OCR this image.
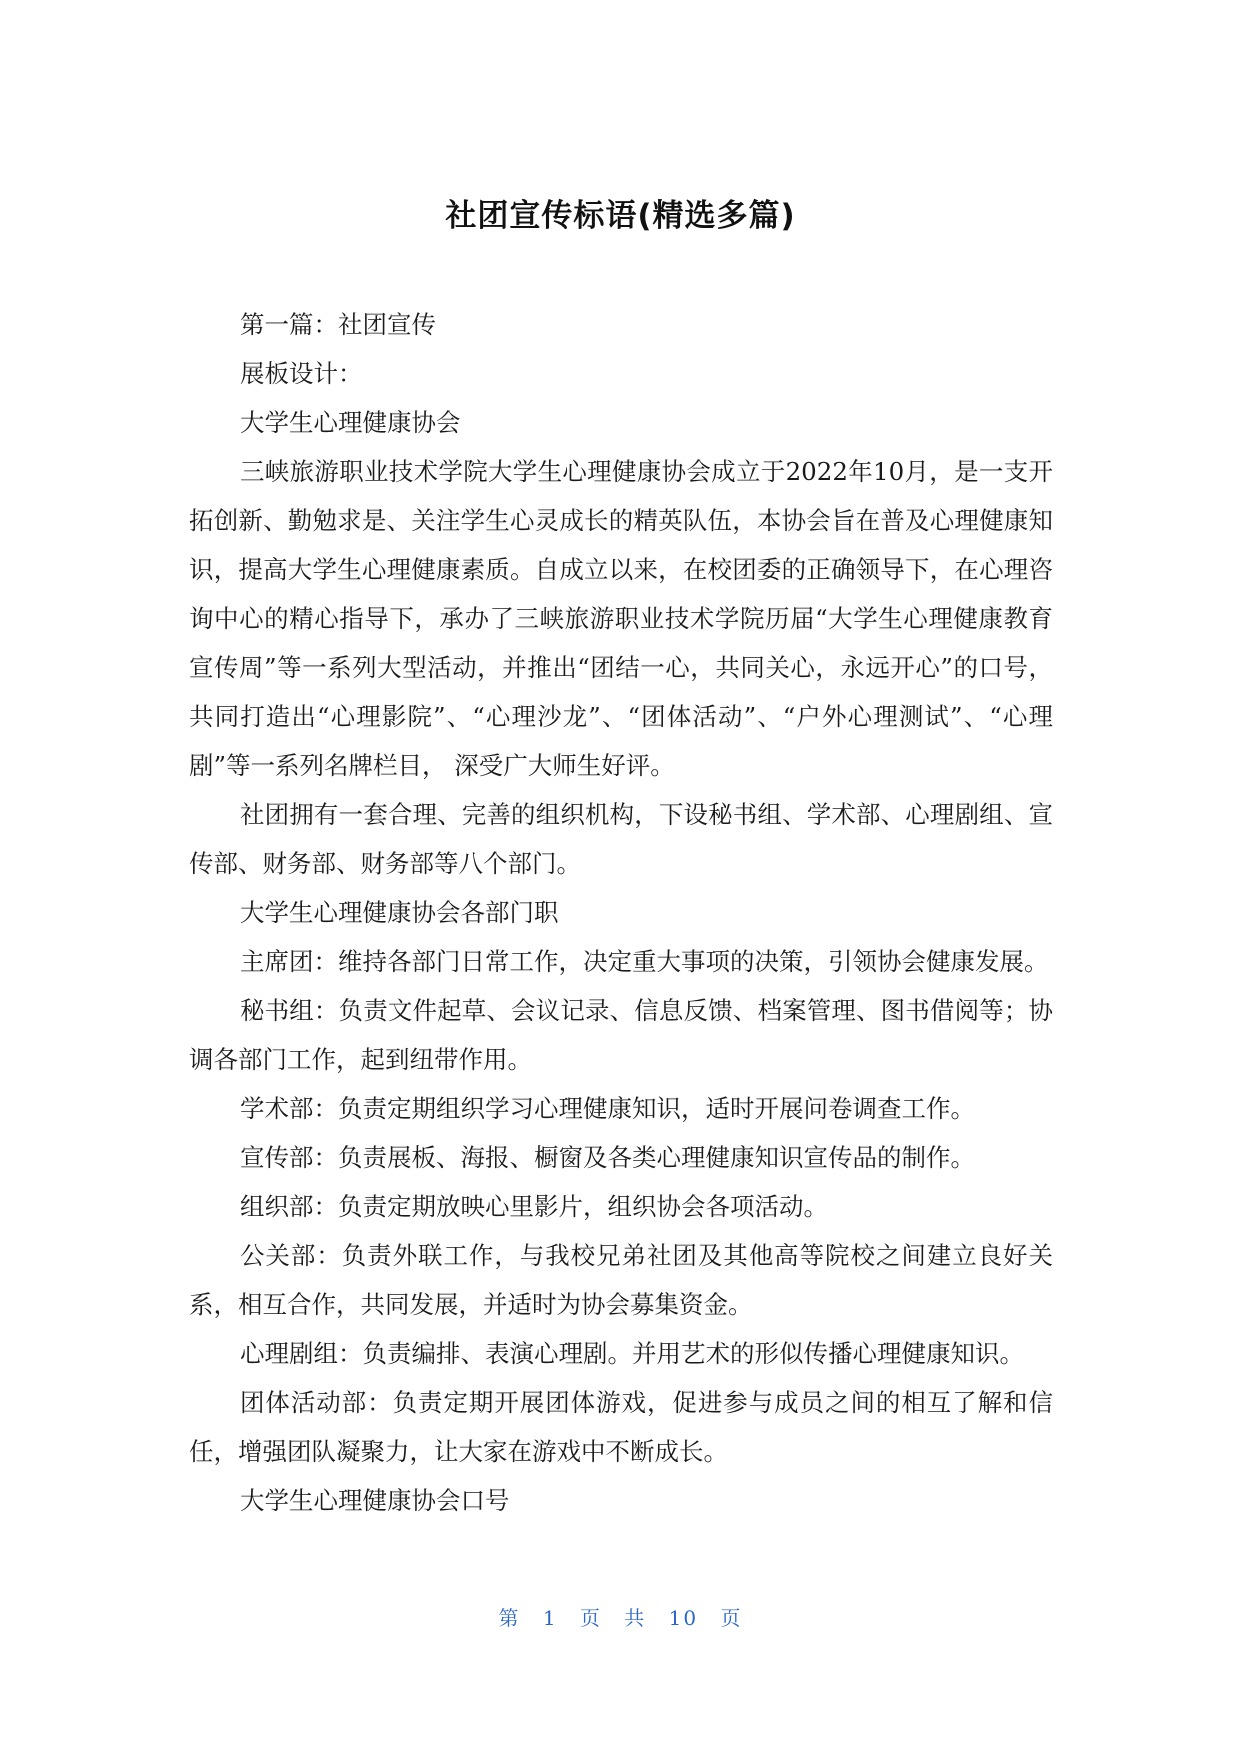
社团宣传标语(精选多篇)

第一篇：社团宣传

展板设计：

大学生心理健康协会

三峡旅游职业技术学院大学生心理健康协会成立于2022年10月，是一支开拓创新、勤勉求是、关注学生心灵成长的精英队伍，本协会旨在普及心理健康知识，提高大学生心理健康素质。自成立以来，在校团委的正确领导下，在心理咨询中心的精心指导下，承办了三峡旅游职业技术学院历届“大学生心理健康教育宣传周”等一系列大型活动，并推出“团结一心，共同关心，永远开心”的口号，共同打造出“心理影院”、“心理沙龙”、“团体活动”、“户外心理测试”、“心理剧”等一系列名牌栏目， 深受广大师生好评。

社团拥有一套合理、完善的组织机构，下设秘书组、学术部、心理剧组、宣传部、财务部、财务部等八个部门。

大学生心理健康协会各部门职

主席团：维持各部门日常工作，决定重大事项的决策，引领协会健康发展。

秘书组：负责文件起草、会议记录、信息反馈、档案管理、图书借阅等；协调各部门工作，起到纽带作用。

学术部：负责定期组织学习心理健康知识，适时开展问卷调查工作。

宣传部：负责展板、海报、橱窗及各类心理健康知识宣传品的制作。

组织部：负责定期放映心里影片，组织协会各项活动。

公关部：负责外联工作，与我校兄弟社团及其他高等院校之间建立良好关系，相互合作，共同发展，并适时为协会募集资金。

心理剧组：负责编排、表演心理剧。并用艺术的形似传播心理健康知识。

团体活动部：负责定期开展团体游戏，促进参与成员之间的相互了解和信任，增强团队凝聚力，让大家在游戏中不断成长。

大学生心理健康协会口号

第 1 页 共 10 页
